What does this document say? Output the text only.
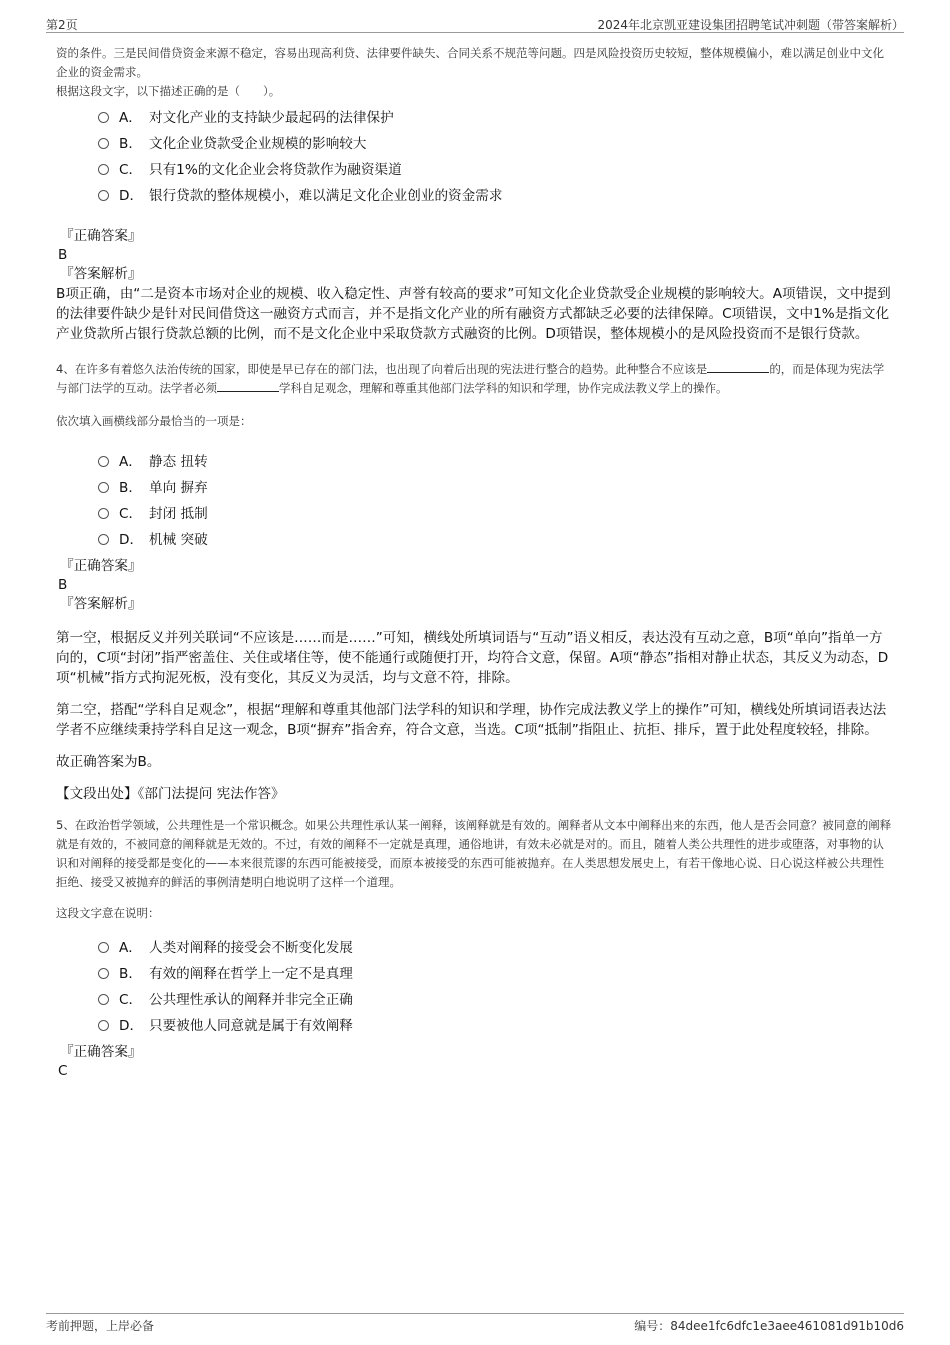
第2页	2024年北京凯亚建设集团招聘笔试冲刺题（带答案解析）

资的条件。三是民间借贷资金来源不稳定，容易出现高利贷、法律要件缺失、合同关系不规范等问题。四是风险投资历史较短，整体规模偏小，难以满足创业中文化企业的资金需求。

根据这段文字，以下描述正确的是（　　）。

A． 对文化产业的支持缺少最起码的法律保护
B． 文化企业贷款受企业规模的影响较大
C． 只有1%的文化企业会将贷款作为融资渠道
D． 银行贷款的整体规模小，难以满足文化企业创业的资金需求

『正确答案』

B

『答案解析』

B项正确，由“二是资本市场对企业的规模、收入稳定性、声誉有较高的要求”可知文化企业贷款受企业规模的影响较大。A项错误，文中提到的法律要件缺少是针对民间借贷这一融资方式而言，并不是指文化产业的所有融资方式都缺乏必要的法律保障。C项错误，文中1%是指文化产业贷款所占银行贷款总额的比例，而不是文化企业中采取贷款方式融资的比例。D项错误，整体规模小的是风险投资而不是银行贷款。

4、在许多有着悠久法治传统的国家，即使是早已存在的部门法，也出现了向着后出现的宪法进行整合的趋势。此种整合不应该是	的，而是体现为宪法学与部门法学的互动。法学者必须	学科自足观念，理解和尊重其他部门法学科的知识和学理，协作完成法教义学上的操作。

依次填入画横线部分最恰当的一项是：

A． 静态 扭转
B． 单向 摒弃
C． 封闭 抵制
D． 机械 突破

『正确答案』

B

『答案解析』

第一空，根据反义并列关联词“不应该是……而是……”可知，横线处所填词语与“互动”语义相反，表达没有互动之意，B项“单向”指单一方向的，C项“封闭”指严密盖住、关住或堵住等，使不能通行或随便打开，均符合文意，保留。A项“静态”指相对静止状态，其反义为动态，D项“机械”指方式拘泥死板，没有变化，其反义为灵活，均与文意不符，排除。

第二空，搭配“学科自足观念”，根据“理解和尊重其他部门法学科的知识和学理，协作完成法教义学上的操作”可知，横线处所填词语表达法学者不应继续秉持学科自足这一观念，B项“摒弃”指舍弃，符合文意，当选。C项“抵制”指阻止、抗拒、排斥，置于此处程度较轻，排除。

故正确答案为B。

【文段出处】《部门法提问 宪法作答》

5、在政治哲学领域，公共理性是一个常识概念。如果公共理性承认某一阐释，该阐释就是有效的。阐释者从文本中阐释出来的东西，他人是否会同意？被同意的阐释就是有效的，不被同意的阐释就是无效的。不过，有效的阐释不一定就是真理，通俗地讲，有效未必就是对的。而且，随着人类公共理性的进步或堕落，对事物的认识和对阐释的接受都是变化的——本来很荒谬的东西可能被接受，而原本被接受的东西可能被抛弃。在人类思想发展史上，有若干像地心说、日心说这样被公共理性拒绝、接受又被抛弃的鲜活的事例清楚明白地说明了这样一个道理。

这段文字意在说明：

A． 人类对阐释的接受会不断变化发展
B． 有效的阐释在哲学上一定不是真理
C． 公共理性承认的阐释并非完全正确
D． 只要被他人同意就是属于有效阐释

『正确答案』

C

考前押题，上岸必备	编号：84dee1fc6dfc1e3aee461081d91b10d6
